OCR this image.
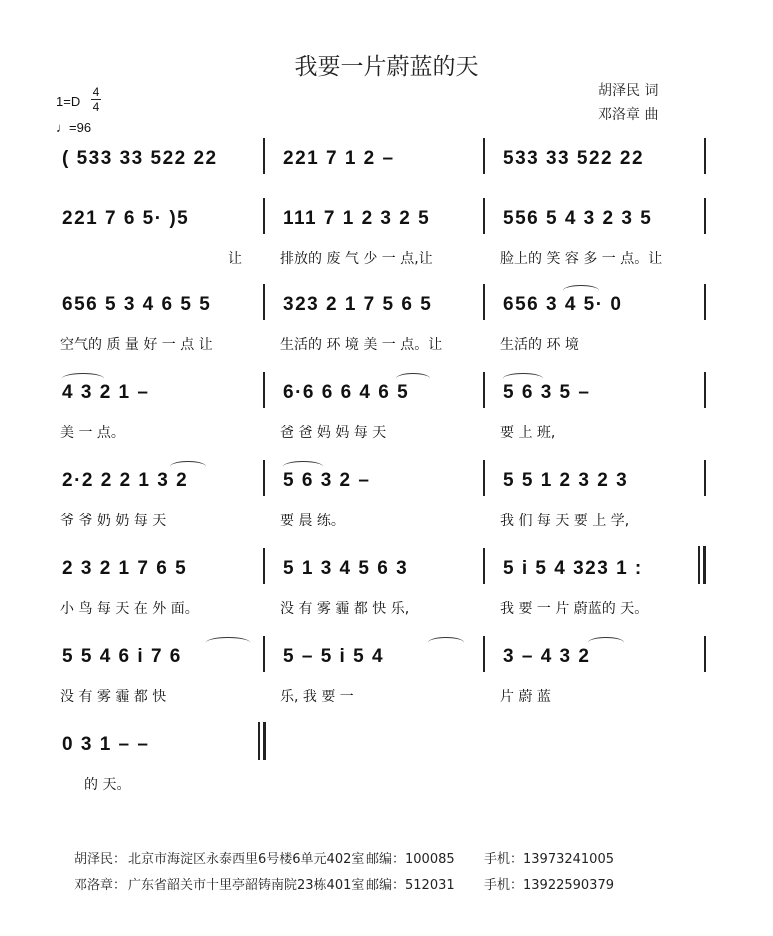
我要一片蔚蓝的天
胡泽民 词
邓洛章 曲
1=D
4
4
♩=96
( 533 33 522 22	221 7 1 2 –	533 33 522 22
221 7 6 5· )5	111 7 1 2 3 2 5	556 5 4 3 2 3 5
让	排放的 废 气 少 一 点,让	脸上的 笑 容 多 一 点。让
656 5 3 4 6 5 5	323 2 1 7 5 6 5	656 3 4 5· 0
空气的 质 量 好 一 点 让	生活的 环 境 美 一 点。让	生活的 环 境
4 3 2 1 –	6·6 6 6 4 6 5	5 6 3 5 –
美 一 点。	爸 爸 妈 妈 每 天	要 上 班,
2·2 2 2 1 3 2	5 6 3 2 –	5 5 1 2 3 2 3
爷 爷 奶 奶 每 天	要 晨 练。	我 们 每 天 要 上 学,
2 3 2 1 7 6 5	5 1 3 4 5 6 3	5 i 5 4 323 1 :
小 鸟 每 天 在 外 面。	没 有 雾 霾 都 快 乐,	我 要 一 片 蔚蓝的 天。
5 5 4 6 i 7 6	5 – 5 i 5 4	3 – 4 3 2
没 有 雾 霾 都 快	乐, 我 要 一	片 蔚 蓝
0 3 1 – –
的 天。
胡泽民： 北京市海淀区永泰西里6号楼6单元402室 邮编：100085 手机：13973241005
邓洛章： 广东省韶关市十里亭韶铸南院23栋401室 邮编：512031 手机：13922590379
